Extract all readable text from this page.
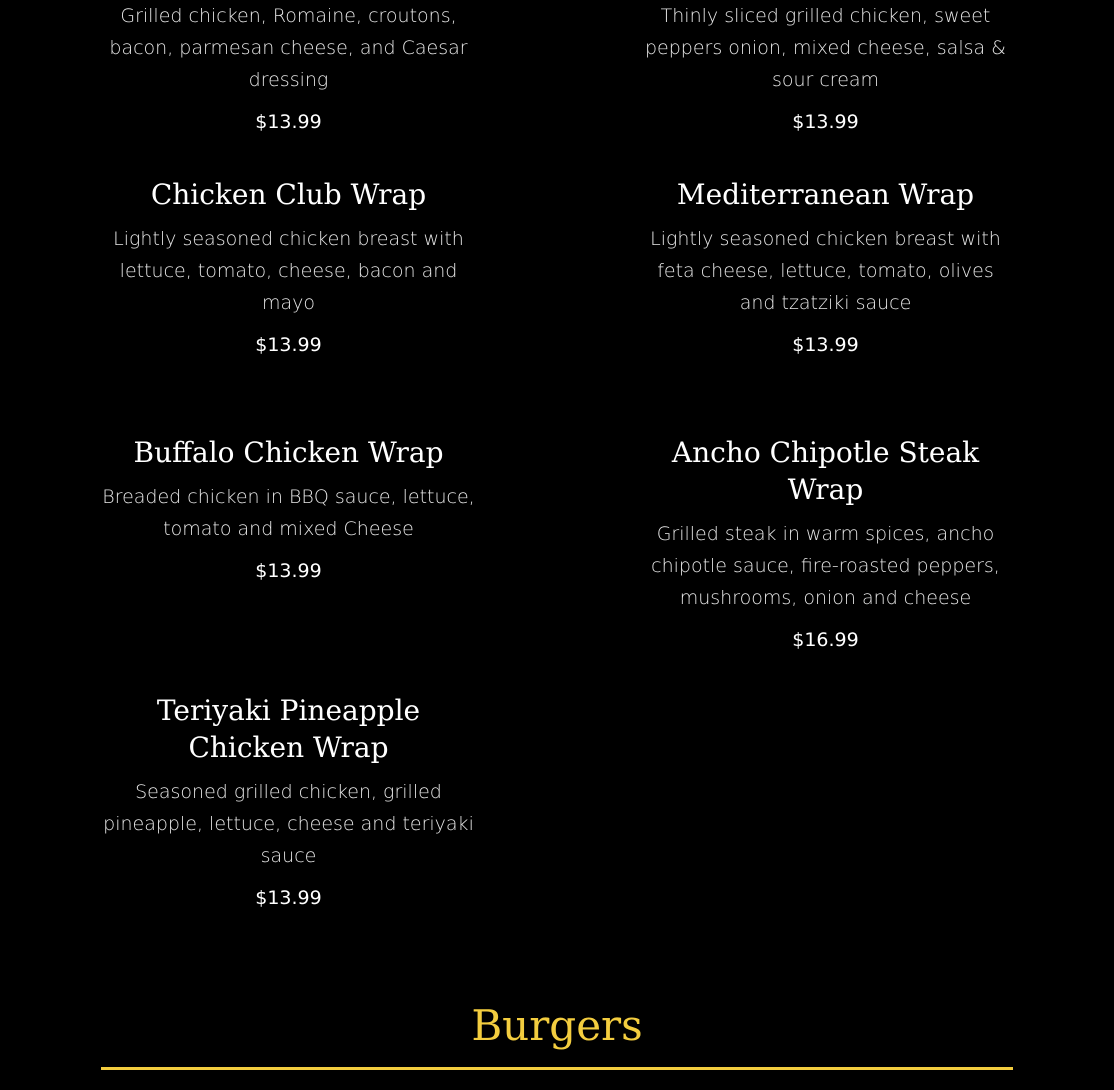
Grilled chicken, Romaine, croutons, bacon, parmesan cheese, and Caesar dressing

$13.99

Thinly sliced grilled chicken, sweet peppers onion, mixed cheese, salsa & sour cream

$13.99

Chicken Club Wrap

Lightly seasoned chicken breast with lettuce, tomato, cheese, bacon and mayo

$13.99

Mediterranean Wrap

Lightly seasoned chicken breast with feta cheese, lettuce, tomato, olives and tzatziki sauce

$13.99

Buffalo Chicken Wrap

Breaded chicken in BBQ sauce, lettuce, tomato and mixed Cheese

$13.99

Ancho Chipotle Steak Wrap

Grilled steak in warm spices, ancho chipotle sauce, fire-roasted peppers, mushrooms, onion and cheese

$16.99

Teriyaki Pineapple Chicken Wrap

Seasoned grilled chicken, grilled pineapple, lettuce, cheese and teriyaki sauce

$13.99

Burgers
